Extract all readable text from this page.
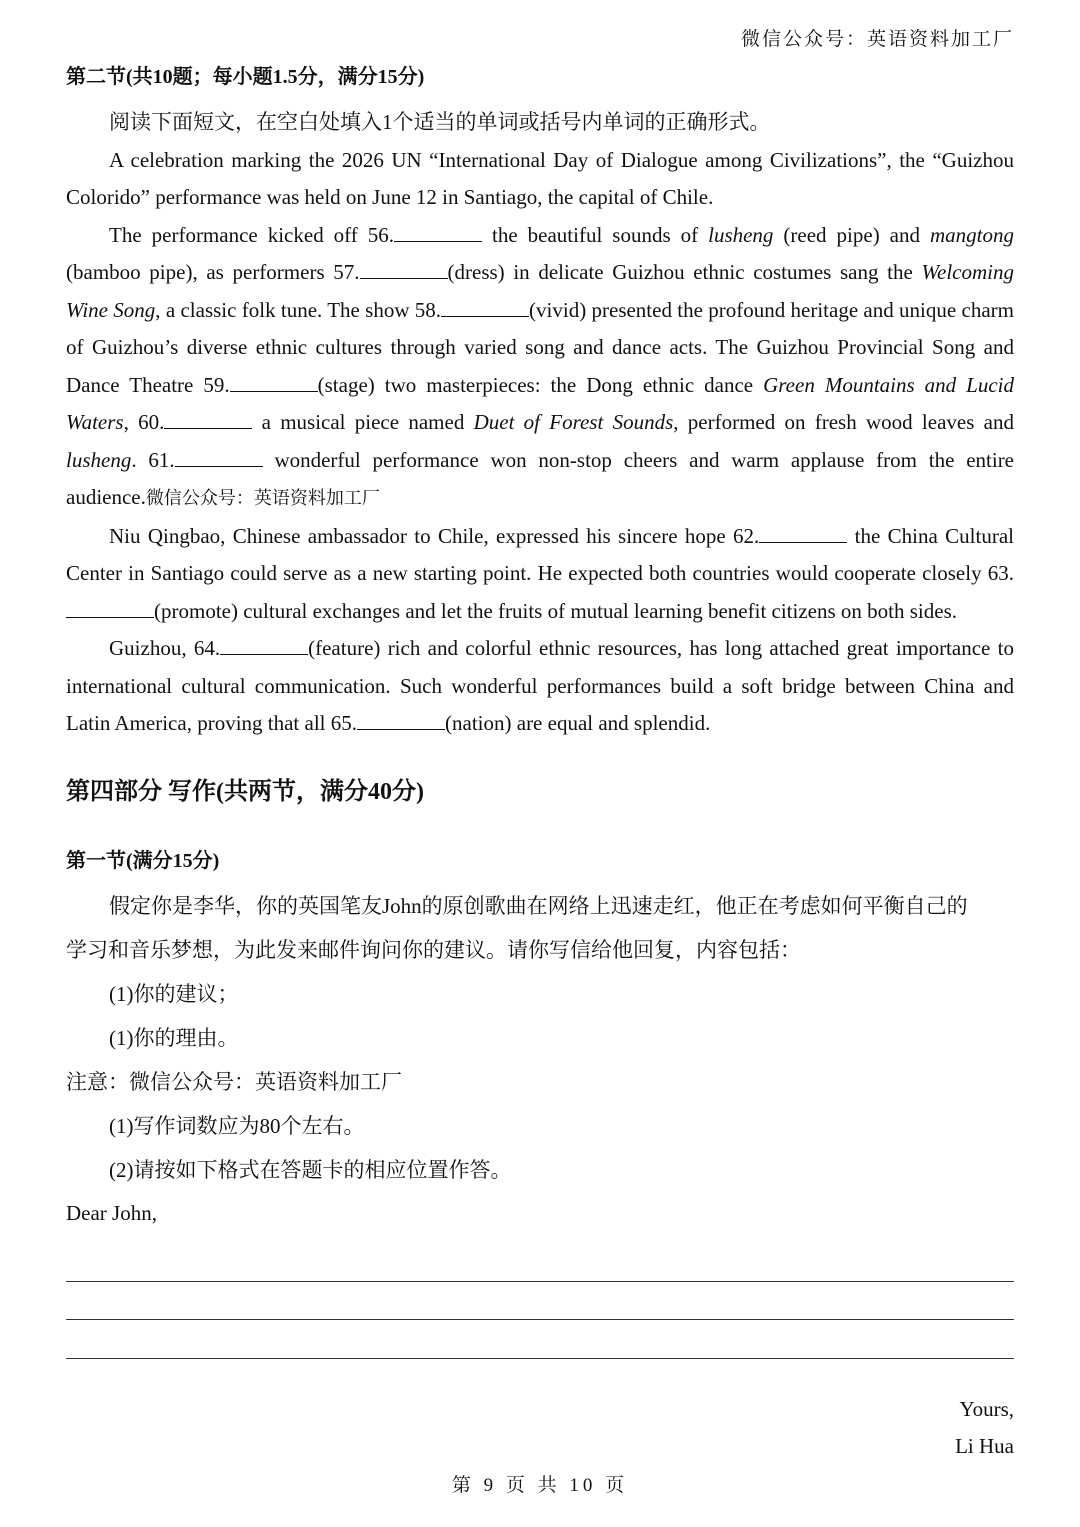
微信公众号：英语资料加工厂

第二节(共10题；每小题1.5分，满分15分)

阅读下面短文，在空白处填入1个适当的单词或括号内单词的正确形式。

A celebration marking the 2026 UN “International Day of Dialogue among Civilizations”, the “Guizhou Colorido” performance was held on June 12 in Santiago, the capital of Chile.

The performance kicked off 56.	the beautiful sounds of lusheng (reed pipe) and mangtong (bamboo pipe), as performers 57.	(dress) in delicate Guizhou ethnic costumes sang the Welcoming Wine Song, a classic folk tune. The show 58.	(vivid) presented the profound heritage and unique charm of Guizhou’s diverse ethnic cultures through varied song and dance acts. The Guizhou Provincial Song and Dance Theatre 59.	(stage) two masterpieces: the Dong ethnic dance Green Mountains and Lucid Waters, 60.	a musical piece named Duet of Forest Sounds, performed on fresh wood leaves and lusheng. 61.	wonderful performance won non-stop cheers and warm applause from the entire audience.微信公众号：英语资料加工厂

Niu Qingbao, Chinese ambassador to Chile, expressed his sincere hope 62.	the China Cultural Center in Santiago could serve as a new starting point. He expected both countries would cooperate closely 63.(promote) cultural exchanges and let the fruits of mutual learning benefit citizens on both sides.

Guizhou, 64.	(feature) rich and colorful ethnic resources, has long attached great importance to international cultural communication. Such wonderful performances build a soft bridge between China and Latin America, proving that all 65.	(nation) are equal and splendid.

第四部分 写作(共两节，满分40分)

第一节(满分15分)

假定你是李华，你的英国笔友John的原创歌曲在网络上迅速走红，他正在考虑如何平衡自己的

学习和音乐梦想，为此发来邮件询问你的建议。请你写信给他回复，内容包括：

(1)你的建议；

(1)你的理由。

注意：微信公众号：英语资料加工厂

(1)写作词数应为80个左右。

(2)请按如下格式在答题卡的相应位置作答。

Dear John,

Yours,
Li Hua
第 9 页 共 10 页
